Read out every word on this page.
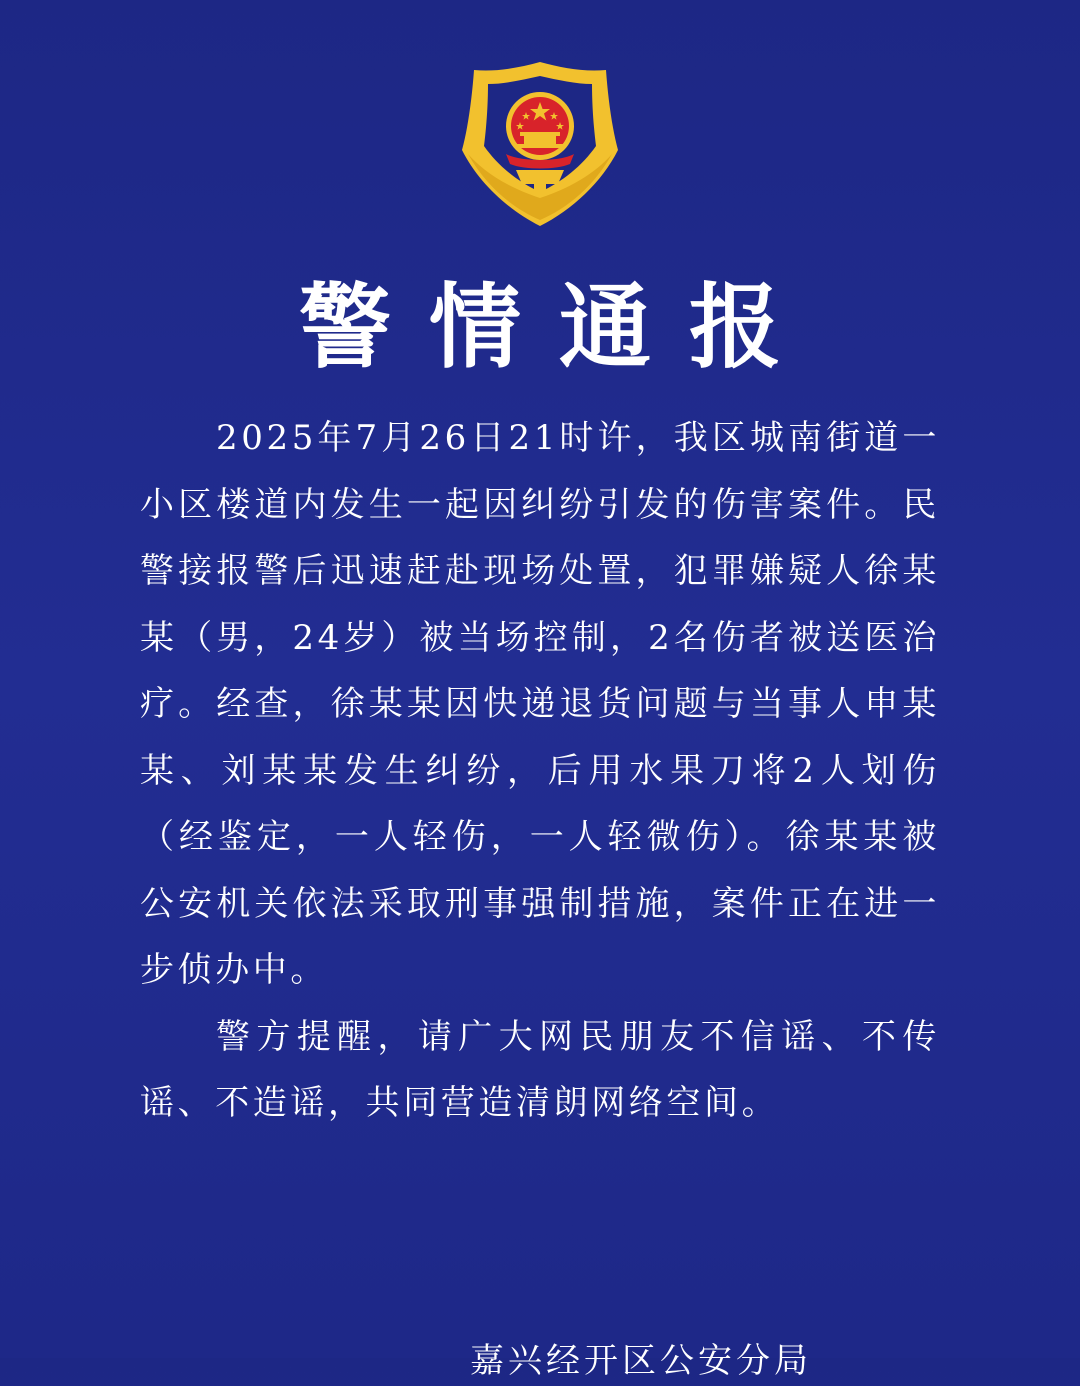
警情通报

2025年7月26日21时许，我区城南街道一小区楼道内发生一起因纠纷引发的伤害案件。民警接报警后迅速赶赴现场处置，犯罪嫌疑人徐某某（男，24岁）被当场控制，2名伤者被送医治疗。经查，徐某某因快递退货问题与当事人申某某、刘某某发生纠纷，后用水果刀将2人划伤（经鉴定，一人轻伤，一人轻微伤）。徐某某被公安机关依法采取刑事强制措施，案件正在进一步侦办中。

警方提醒，请广大网民朋友不信谣、不传谣、不造谣，共同营造清朗网络空间。

嘉兴经开区公安分局
